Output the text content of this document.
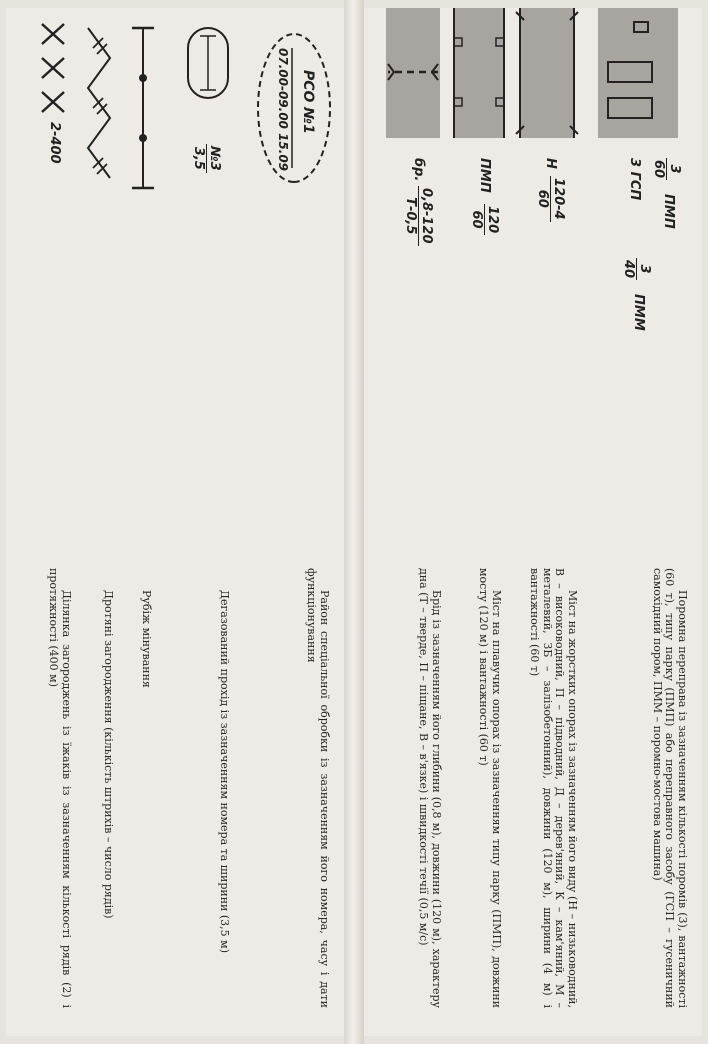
РСО №1
07.00-09.00 15.09

Район спеціальної обробки із зазначенням його номера, часу і дати функціонування

№3
3,5

Дегазований прохід із зазначенням номера та ширини (3,5 м)

Рубіж мінування

Дротяні загородження (кількість штрихів – число рядів)

2-400

Ділянка загороджень із їжаків із зазначенням кількості рядів (2) і протяжності (400 м)

3
60
ПМП
3 ГСП
3
40
ПММ

Поромна переправа із зазначенням кількості поромів (3), вантажності (60 т), типу парку (ПМП) або переправного засобу (ГСП – гусеничний самохідний пором, ПММ – поромно-мостова машина)

Н
120-4
60

Міст на жорстких опорах із зазначенням його виду (Н – низьководний, В – висоководний, П – підводний, Д – дерев'яний, К – кам'яний, М – металевий, ЗБ – залізобетонний), довжини (120 м), ширини (4 м) і вантажності (60 т)

ПМП
120
60

Міст на плавучих опорах із зазначенням типу парку (ПМП), довжини мосту (120 м) і вантажності (60 т)

бр.
0,8-120
Т-0,5

Брід із зазначенням його глибини (0,8 м), довжини (120 м), характеру дна (Т – тверде, П – піщане, В – в'язке) і швидкості течії (0,5 м/с)
